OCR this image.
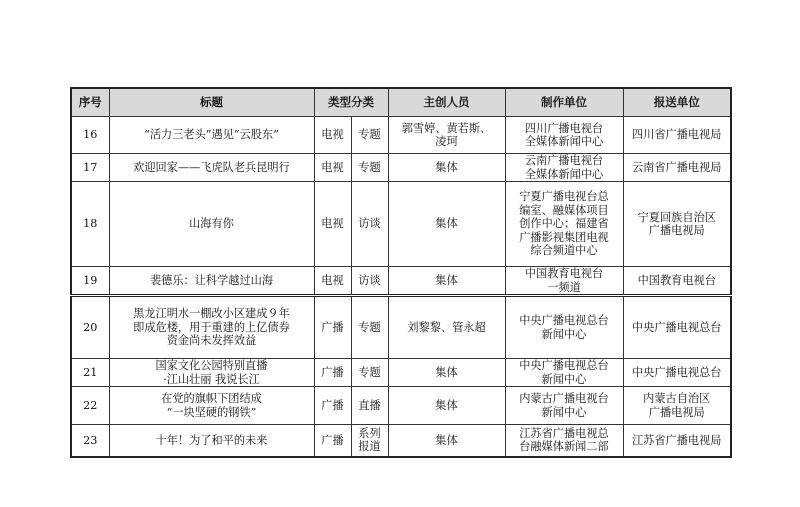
序号	标题	类型分类		主创人员	制作单位	报送单位

16	“活力三老头”遇见“云股东”	电视	专题	郭雪婷、黄若斯、
凌珂	四川广播电视台
全媒体新闻中心	四川省广播电视局

17	欢迎回家——飞虎队老兵昆明行	电视	专题	集体	云南广播电视台
全媒体新闻中心	云南省广播电视局

18	山海有你	电视	访谈	集体	宁夏广播电视台总
编室、融媒体项目
创作中心；福建省
广播影视集团电视
综合频道中心	宁夏回族自治区
广播电视局

19	裴德乐：让科学越过山海	电视	访谈	集体	中国教育电视台
一频道	中国教育电视台

20	黑龙江明水一棚改小区建成９年
即成危楼，用于重建的上亿债券
资金尚未发挥效益	广播	专题	刘黎黎、管永超	中央广播电视总台
新闻中心	中央广播电视总台

21	国家文化公园特别直播
·江山壮丽 我说长江	广播	专题	集体	中央广播电视总台
新闻中心	中央广播电视总台

22	在党的旗帜下团结成
“一块坚硬的钢铁”	广播	直播	集体	内蒙古广播电视台
新闻中心	内蒙古自治区
广播电视局

23	十年！为了和平的未来	广播	系列
报道	集体	江苏省广播电视总
台融媒体新闻二部	江苏省广播电视局
